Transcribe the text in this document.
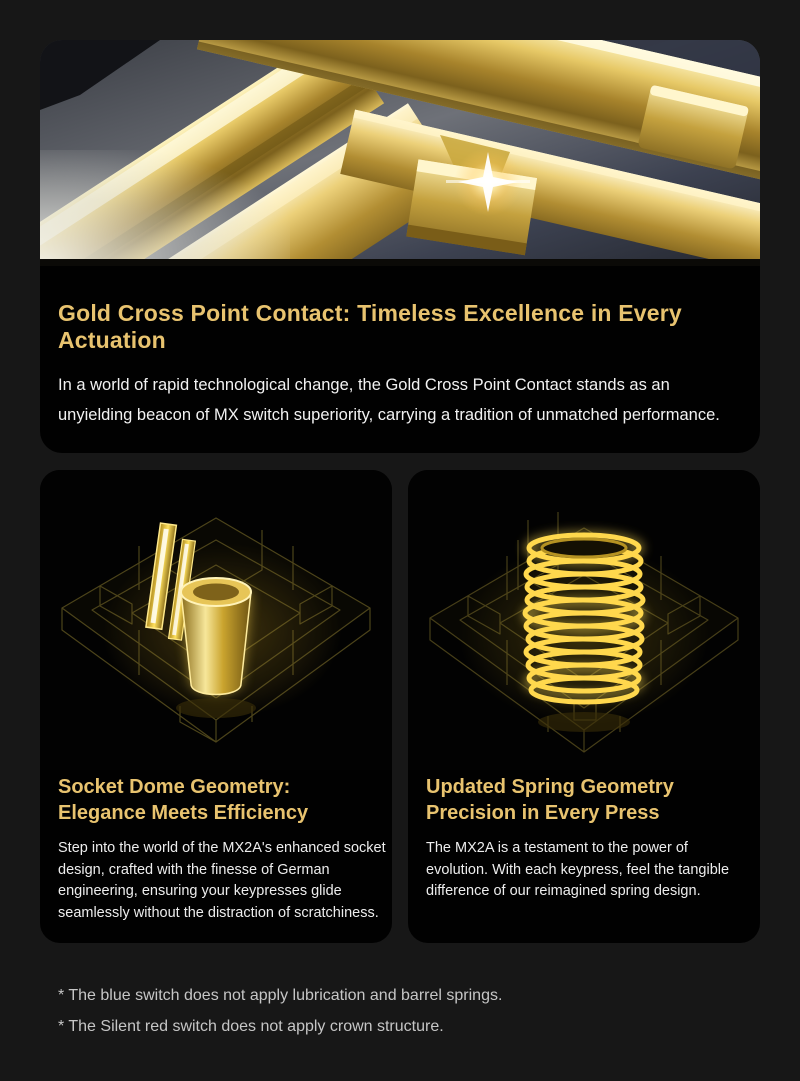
Gold Cross Point Contact: Timeless Excellence in Every Actuation
In a world of rapid technological change, the Gold Cross Point Contact stands as an
unyielding beacon of MX switch superiority, carrying a tradition of unmatched performance.
Socket Dome Geometry:
Elegance Meets Efficiency
Step into the world of the MX2A's enhanced socket
design, crafted with the finesse of German
engineering, ensuring your keypresses glide
seamlessly without the distraction of scratchiness.
Updated Spring Geometry
Precision in Every Press
The MX2A is a testament to the power of
evolution. With each keypress, feel the tangible
difference of our reimagined spring design.

* The blue switch does not apply lubrication and barrel springs.

* The Silent red switch does not apply crown structure.
